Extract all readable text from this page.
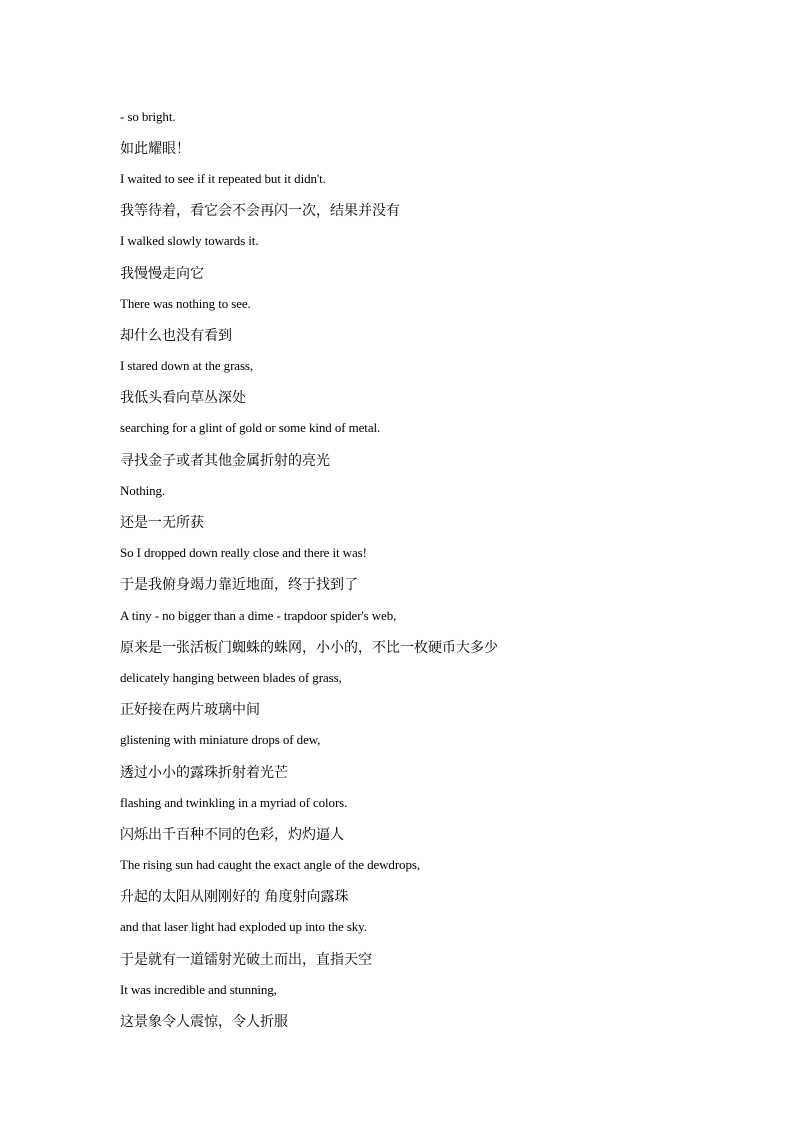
- so bright.
如此耀眼！
I waited to see if it repeated but it didn't.
我等待着，看它会不会再闪一次，结果并没有
I walked slowly towards it.
我慢慢走向它
There was nothing to see.
却什么也没有看到
I stared down at the grass,
我低头看向草丛深处
searching for a glint of gold or some kind of metal.
寻找金子或者其他金属折射的亮光
Nothing.
还是一无所获
So I dropped down really close and there it was!
于是我俯身竭力靠近地面，终于找到了
A tiny - no bigger than a dime - trapdoor spider's web,
原来是一张活板门蜘蛛的蛛网，小小的，不比一枚硬币大多少
delicately hanging between blades of grass,
正好接在两片玻璃中间
glistening with miniature drops of dew,
透过小小的露珠折射着光芒
flashing and twinkling in a myriad of colors.
闪烁出千百种不同的色彩，灼灼逼人
The rising sun had caught the exact angle of the dewdrops,
升起的太阳从刚刚好的 角度射向露珠
and that laser light had exploded up into the sky.
于是就有一道镭射光破土而出，直指天空
It was incredible and stunning,
这景象令人震惊，令人折服
